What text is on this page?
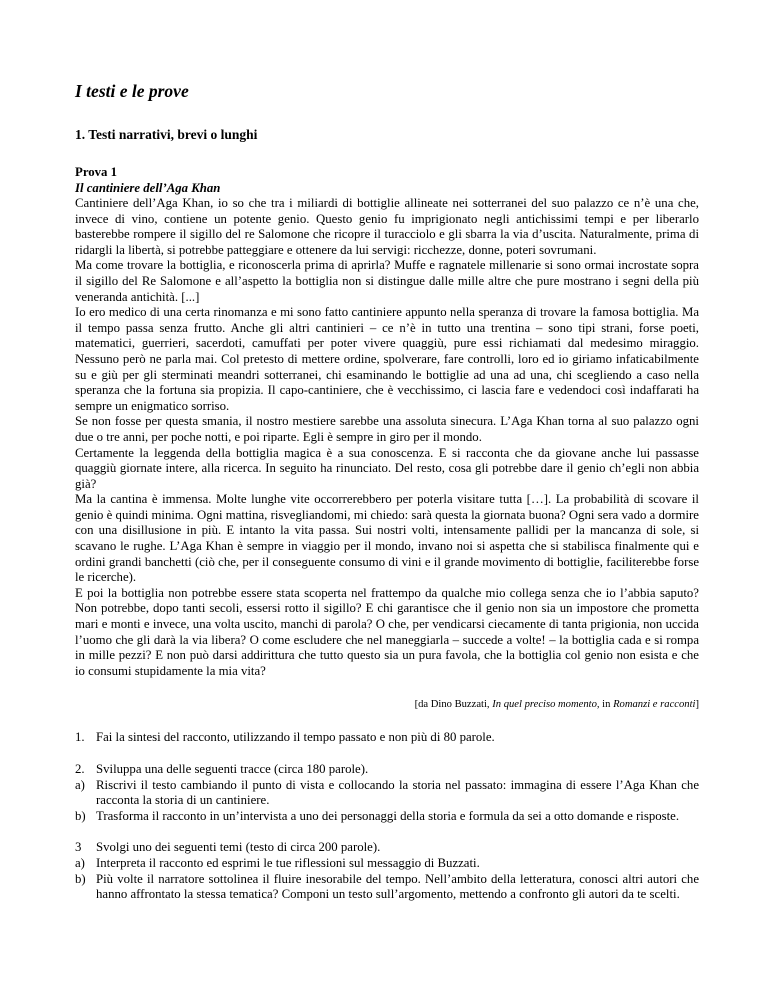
I testi e le prove
1. Testi narrativi, brevi o lunghi
Prova 1
Il cantiniere dell’Aga Khan

Cantiniere dell’Aga Khan, io so che tra i miliardi di bottiglie allineate nei sotterranei del suo palazzo ce n’è una che, invece di vino, contiene un potente genio. Questo genio fu imprigionato negli antichissimi tempi e per liberarlo basterebbe rompere il sigillo del re Salomone che ricopre il turacciolo e gli sbarra la via d’uscita. Naturalmente, prima di ridargli la libertà, si potrebbe patteggiare e ottenere da lui servigi: ricchezze, donne, poteri sovrumani.

Ma come trovare la bottiglia, e riconoscerla prima di aprirla? Muffe e ragnatele millenarie si sono ormai incrostate sopra il sigillo del Re Salomone e all’aspetto la bottiglia non si distingue dalle mille altre che pure mostrano i segni della più veneranda antichità. [...]

Io ero medico di una certa rinomanza e mi sono fatto cantiniere appunto nella speranza di trovare la famosa bottiglia. Ma il tempo passa senza frutto. Anche gli altri cantinieri – ce n’è in tutto una trentina – sono tipi strani, forse poeti, matematici, guerrieri, sacerdoti, camuffati per poter vivere quaggiù, pure essi richiamati dal medesimo miraggio. Nessuno però ne parla mai. Col pretesto di mettere ordine, spolverare, fare controlli, loro ed io giriamo infaticabilmente su e giù per gli sterminati meandri sotterranei, chi esaminando le bottiglie ad una ad una, chi scegliendo a caso nella speranza che la fortuna sia propizia. Il capo-cantiniere, che è vecchissimo, ci lascia fare e vedendoci così indaffarati ha sempre un enigmatico sorriso.

Se non fosse per questa smania, il nostro mestiere sarebbe una assoluta sinecura. L’Aga Khan torna al suo palazzo ogni due o tre anni, per poche notti, e poi riparte. Egli è sempre in giro per il mondo.

Certamente la leggenda della bottiglia magica è a sua conoscenza. E si racconta che da giovane anche lui passasse quaggiù giornate intere, alla ricerca. In seguito ha rinunciato. Del resto, cosa gli potrebbe dare il genio ch’egli non abbia già?

Ma la cantina è immensa. Molte lunghe vite occorrerebbero per poterla visitare tutta […]. La probabilità di scovare il genio è quindi minima. Ogni mattina, risvegliandomi, mi chiedo: sarà questa la giornata buona? Ogni sera vado a dormire con una disillusione in più. E intanto la vita passa. Sui nostri volti, intensamente pallidi per la mancanza di sole, si scavano le rughe. L’Aga Khan è sempre in viaggio per il mondo, invano noi si aspetta che si stabilisca finalmente qui e ordini grandi banchetti (ciò che, per il conseguente consumo di vini e il grande movimento di bottiglie, faciliterebbe forse le ricerche).

E poi la bottiglia non potrebbe essere stata scoperta nel frattempo da qualche mio collega senza che io l’abbia saputo? Non potrebbe, dopo tanti secoli, essersi rotto il sigillo? E chi garantisce che il genio non sia un impostore che prometta mari e monti e invece, una volta uscito, manchi di parola? O che, per vendicarsi ciecamente di tanta prigionia, non uccida l’uomo che gli darà la via libera? O come escludere che nel maneggiarla – succede a volte! – la bottiglia cada e si rompa in mille pezzi? E non può darsi addirittura che tutto questo sia un pura favola, che la bottiglia col genio non esista e che io consumi stupidamente la mia vita?

[da Dino Buzzati, In quel preciso momento, in Romanzi e racconti]

1. Fai la sintesi del racconto, utilizzando il tempo passato e non più di 80 parole.

2. Sviluppa una delle seguenti tracce (circa 180 parole).

a) Riscrivi il testo cambiando il punto di vista e collocando la storia nel passato: immagina di essere l’Aga Khan che racconta la storia di un cantiniere.

b) Trasforma il racconto in un’intervista a uno dei personaggi della storia e formula da sei a otto domande e risposte.

3 Svolgi uno dei seguenti temi (testo di circa 200 parole).

a) Interpreta il racconto ed esprimi le tue riflessioni sul messaggio di Buzzati.

b) Più volte il narratore sottolinea il fluire inesorabile del tempo. Nell’ambito della letteratura, conosci altri autori che hanno affrontato la stessa tematica? Componi un testo sull’argomento, mettendo a confronto gli autori da te scelti.
